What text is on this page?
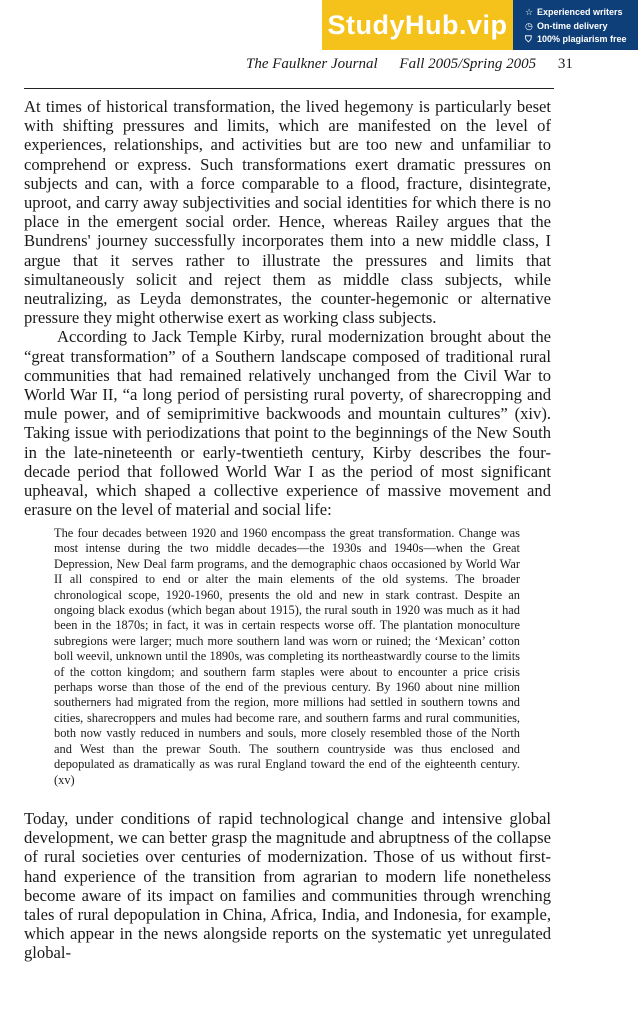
StudyHub.vip	☆ Experienced writers
◷ On-time delivery
⛉ 100% plagiarism free
The Faulkner Journal Fall 2005/Spring 2005 31

At times of historical transformation, the lived hegemony is particularly beset with shifting pressures and limits, which are manifested on the level of experiences, relationships, and activities but are too new and unfamiliar to comprehend or express. Such transformations exert dramatic pressures on subjects and can, with a force comparable to a flood, fracture, disintegrate, uproot, and carry away subjectivities and social identities for which there is no place in the emergent social order. Hence, whereas Railey argues that the Bundrens' journey successfully incorporates them into a new middle class, I argue that it serves rather to illustrate the pressures and limits that simultaneously solicit and reject them as middle class subjects, while neutralizing, as Leyda demonstrates, the counter-hegemonic or alternative pressure they might otherwise exert as working class subjects.

According to Jack Temple Kirby, rural modernization brought about the “great transformation” of a Southern landscape composed of traditional rural communities that had remained relatively unchanged from the Civil War to World War II, “a long period of persisting rural poverty, of sharecropping and mule power, and of semiprimitive backwoods and mountain cultures” (xiv). Taking issue with periodizations that point to the beginnings of the New South in the late-nineteenth or early-twentieth century, Kirby describes the four-decade period that followed World War I as the period of most significant upheaval, which shaped a collective experience of massive movement and erasure on the level of material and social life:

The four decades between 1920 and 1960 encompass the great transformation. Change was most intense during the two middle decades—the 1930s and 1940s—when the Great Depression, New Deal farm programs, and the demographic chaos occasioned by World War II all conspired to end or alter the main elements of the old systems. The broader chronological scope, 1920-1960, presents the old and new in stark contrast. Despite an ongoing black exodus (which began about 1915), the rural south in 1920 was much as it had been in the 1870s; in fact, it was in certain respects worse off. The plantation monoculture subregions were larger; much more southern land was worn or ruined; the ‘Mexican’ cotton boll weevil, unknown until the 1890s, was completing its northeastwardly course to the limits of the cotton kingdom; and southern farm staples were about to encounter a price crisis perhaps worse than those of the end of the previous century. By 1960 about nine million southerners had migrated from the region, more millions had settled in southern towns and cities, sharecroppers and mules had become rare, and southern farms and rural communities, both now vastly reduced in numbers and souls, more closely resembled those of the North and West than the prewar South. The southern countryside was thus enclosed and depopulated as dramatically as was rural England toward the end of the eighteenth century. (xv)
Today, under conditions of rapid technological change and intensive global development, we can better grasp the magnitude and abruptness of the collapse of rural societies over centuries of modernization. Those of us without first-hand experience of the transition from agrarian to modern life nonetheless become aware of its impact on families and communities through wrenching tales of rural depopulation in China, Africa, India, and Indonesia, for example, which appear in the news alongside reports on the systematic yet unregulated global-
